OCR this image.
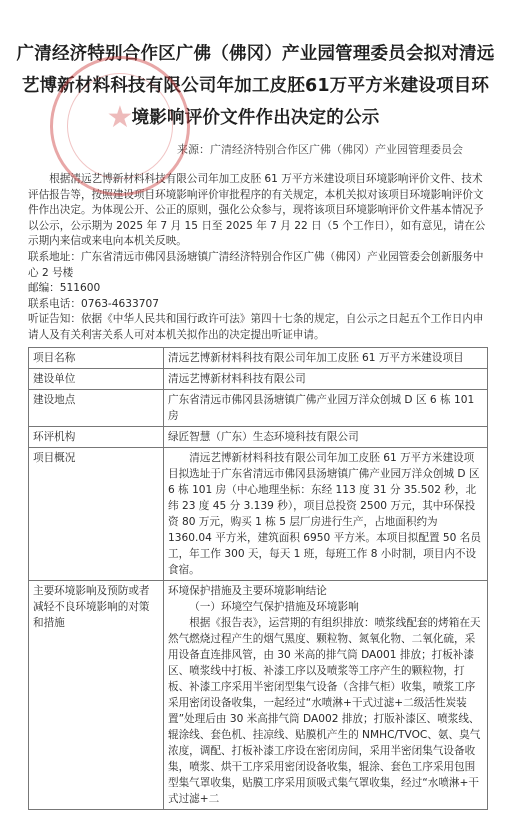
★
广清经济特别合作区广佛（佛冈）产业园管理委员会拟对清远艺博新材料科技有限公司年加工皮胚61万平方米建设项目环境影响评价文件作出决定的公示
来源：广清经济特别合作区广佛（佛冈）产业园管理委员会

根据清远艺博新材料科技有限公司年加工皮胚 61 万平方米建设项目环境影响评价文件、技术评估报告等，按照建设项目环境影响评价审批程序的有关规定，本机关拟对该项目环境影响评价文件作出决定。为体现公开、公正的原则，强化公众参与，现将该项目环境影响评价文件基本情况予以公示，公示期为 2025 年 7 月 15 日至 2025 年 7 月 22 日（5 个工作日），如有意见，请在公示期内来信或来电向本机关反映。

联系地址：广东省清远市佛冈县汤塘镇广清经济特别合作区广佛（佛冈）产业园管委会创新服务中心 2 号楼

邮编：511600

联系电话：0763-4633707

听证告知：依据《中华人民共和国行政许可法》第四十七条的规定，自公示之日起五个工作日内申请人及有关利害关系人可对本机关拟作出的决定提出听证申请。

项目名称	清远艺博新材料科技有限公司年加工皮胚 61 万平方米建设项目
建设单位	清远艺博新材料科技有限公司
建设地点	广东省清远市佛冈县汤塘镇广佛产业园万洋众创城 D 区 6 栋 101 房
环评机构	绿匠智慧（广东）生态环境科技有限公司
项目概况	清远艺博新材料科技有限公司年加工皮胚 61 万平方米建设项目拟选址于广东省清远市佛冈县汤塘镇广佛产业园万洋众创城 D 区 6 栋 101 房（中心地理坐标：东经 113 度 31 分 35.502 秒，北纬 23 度 45 分 3.139 秒），项目总投资 2500 万元，其中环保投资 80 万元，购买 1 栋 5 层厂房进行生产，占地面积约为 1360.04 平方米，建筑面积 6950 平方米。本项目拟配置 50 名员工，年工作 300 天，每天 1 班，每班工作 8 小时制，项目内不设食宿。

主要环境影响及预防或者减轻不良环境影响的对策和措施	环境保护措施及主要环境影响结论
（一）环境空气保护措施及环境影响
根据《报告表》，运营期的有组织排放：喷浆线配套的烤箱在天然气燃烧过程产生的烟气黑度、颗粒物、氮氧化物、二氧化硫，采用设备直连排风管，由 30 米高的排气筒 DA001 排放；打板补漆区、喷浆线中打板、补漆工序以及喷浆等工序产生的颗粒物，打板、补漆工序采用半密闭型集气设备（含排气柜）收集，喷浆工序采用密闭设备收集，一起经过“水喷淋+干式过滤+二级活性炭装置”处理后由 30 米高排气筒 DA002 排放；打版补漆区、喷浆线、辊涂线、套色机、挂凉线、贴膜机产生的 NMHC/TVOC、氨、臭气浓度，调配、打板补漆工序设在密闭房间，采用半密闭集气设备收集，喷浆、烘干工序采用密闭设备收集，辊涂、套色工序采用包围型集气罩收集，贴膜工序采用顶吸式集气罩收集，经过“水喷淋+干式过滤+二
